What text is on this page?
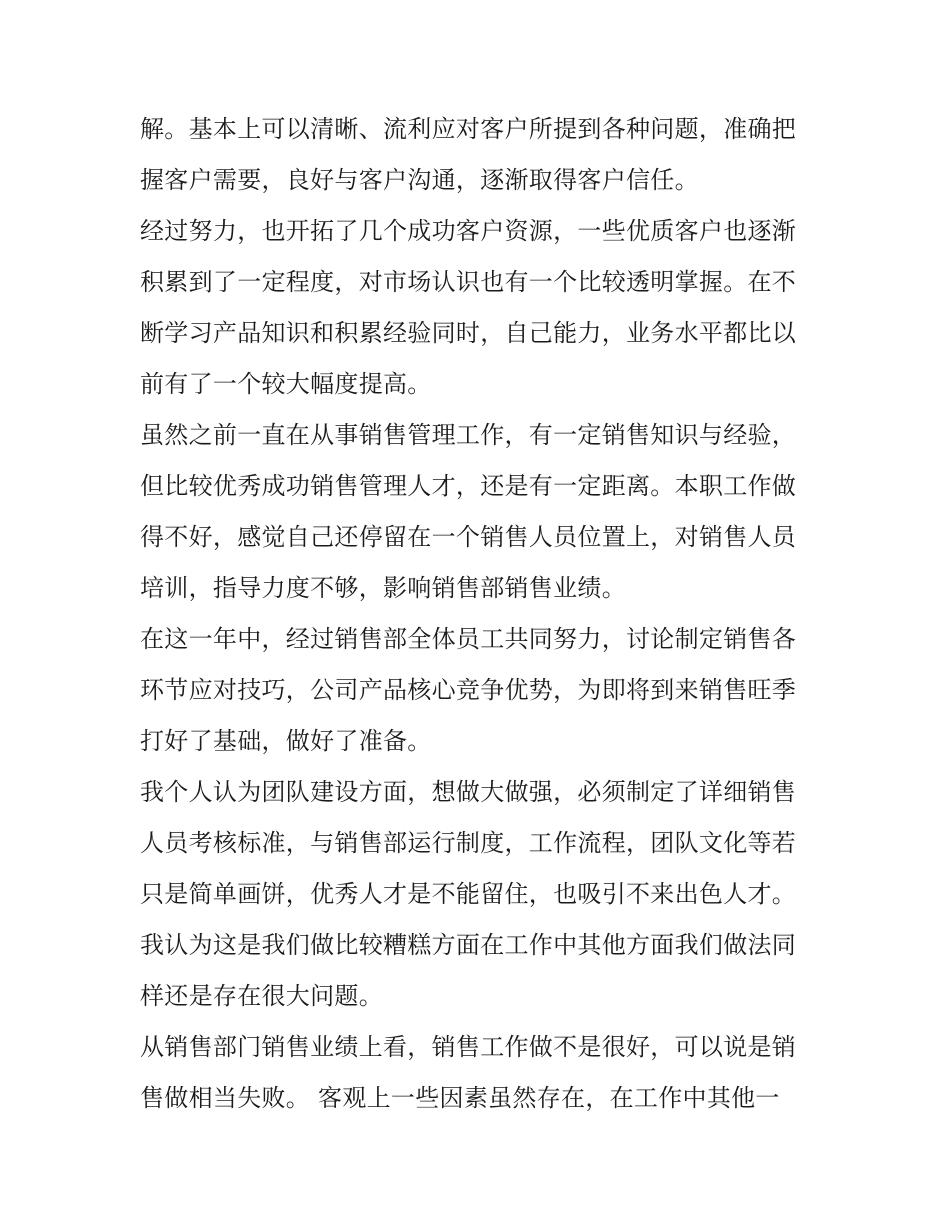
解。基本上可以清晰、流利应对客户所提到各种问题，准确把
握客户需要，良好与客户沟通，逐渐取得客户信任。
经过努力，也开拓了几个成功客户资源，一些优质客户也逐渐
积累到了一定程度，对市场认识也有一个比较透明掌握。在不
断学习产品知识和积累经验同时，自己能力，业务水平都比以
前有了一个较大幅度提高。
虽然之前一直在从事销售管理工作，有一定销售知识与经验，
但比较优秀成功销售管理人才，还是有一定距离。本职工作做
得不好，感觉自己还停留在一个销售人员位置上，对销售人员
培训，指导力度不够，影响销售部销售业绩。
在这一年中，经过销售部全体员工共同努力，讨论制定销售各
环节应对技巧，公司产品核心竞争优势，为即将到来销售旺季
打好了基础，做好了准备。
我个人认为团队建设方面，想做大做强，必须制定了详细销售
人员考核标准，与销售部运行制度，工作流程，团队文化等若
只是简单画饼，优秀人才是不能留住，也吸引不来出色人才。
我认为这是我们做比较糟糕方面在工作中其他方面我们做法同
样还是存在很大问题。
从销售部门销售业绩上看，销售工作做不是很好，可以说是销
售做相当失败。 客观上一些因素虽然存在，在工作中其他一
